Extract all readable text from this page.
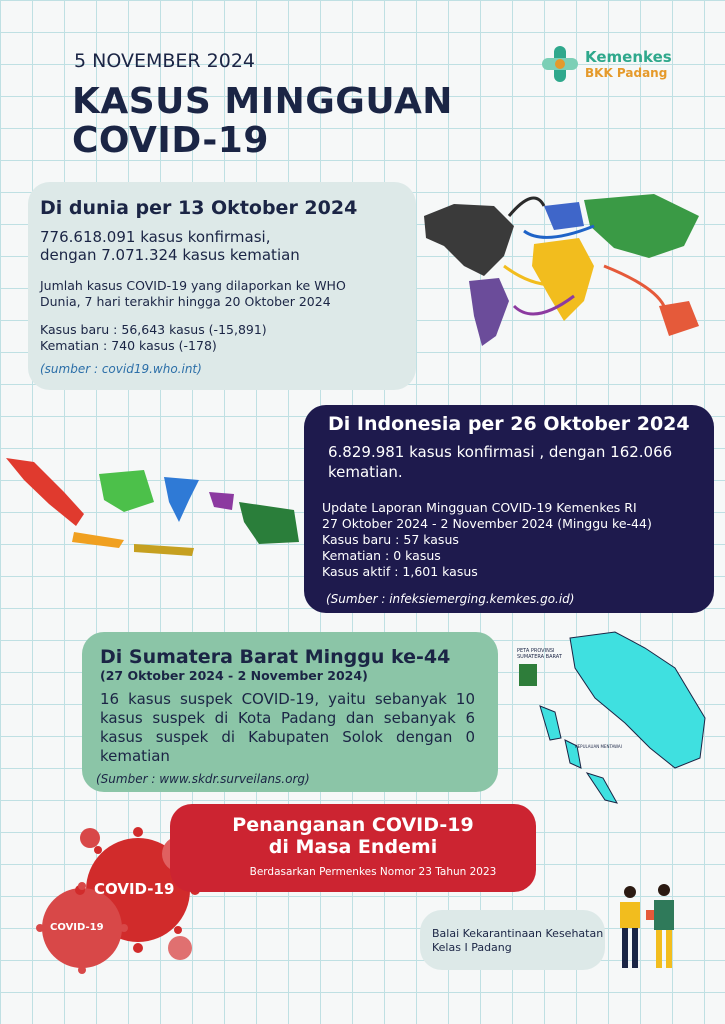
5 NOVEMBER 2024
KASUS MINGGUAN
COVID-19
Kemenkes
BKK Padang
Di dunia per 13 Oktober 2024
776.618.091 kasus konfirmasi,
dengan 7.071.324 kasus kematian
Jumlah kasus COVID-19 yang dilaporkan ke WHO
Dunia, 7 hari terakhir hingga 20 Oktober 2024
Kasus baru : 56,643 kasus (-15,891)
Kematian : 740 kasus (-178)
(sumber : covid19.who.int)
Di Indonesia per 26 Oktober 2024
6.829.981 kasus konfirmasi , dengan 162.066 kematian.
Update Laporan Mingguan COVID-19 Kemenkes RI
27 Oktober 2024 - 2 November 2024 (Minggu ke-44)
Kasus baru : 57 kasus
Kematian : 0 kasus
Kasus aktif : 1,601 kasus
(Sumber : infeksiemerging.kemkes.go.id)
Di Sumatera Barat Minggu ke-44
(27 Oktober 2024 - 2 November 2024)
16 kasus suspek COVID-19, yaitu sebanyak 10 kasus suspek di Kota Padang dan sebanyak 6 kasus suspek di Kabupaten Solok dengan 0 kematian
(Sumber : www.skdr.surveilans.org)
PETA PROVINSI
SUMATERA BARAT
KEPULAUAN MENTAWAI
COVID-19
COVID-19
Penanganan COVID-19
di Masa Endemi
Berdasarkan Permenkes Nomor 23 Tahun 2023
Balai Kekarantinaan Kesehatan
Kelas I Padang
